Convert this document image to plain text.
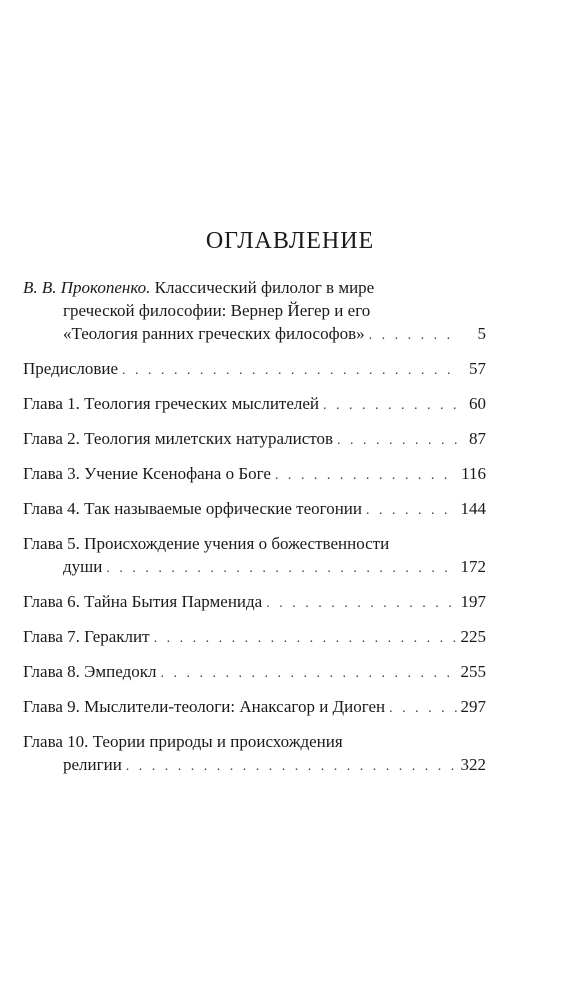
ОГЛАВЛЕНИЕ
В. В. Прокопенко. Классический филолог в мире
греческой философии: Вернер Йегер и его
«Теология ранних греческих философов» . . .	5
Предисловие . . .	57
Глава 1. Теология греческих мыслителей . . .	60
Глава 2. Теология милетских натуралистов . . .	87
Глава 3. Учение Ксенофана о Боге . . .	116
Глава 4. Так называемые орфические теогонии . . .	144
Глава 5. Происхождение учения о божественности
души . . .	172
Глава 6. Тайна Бытия Парменида . . .	197
Глава 7. Гераклит . . .	225
Глава 8. Эмпедокл . . .	255
Глава 9. Мыслители-теологи: Анаксагор и Диоген . . .	297
Глава 10. Теории природы и происхождения
религии . . .	322
